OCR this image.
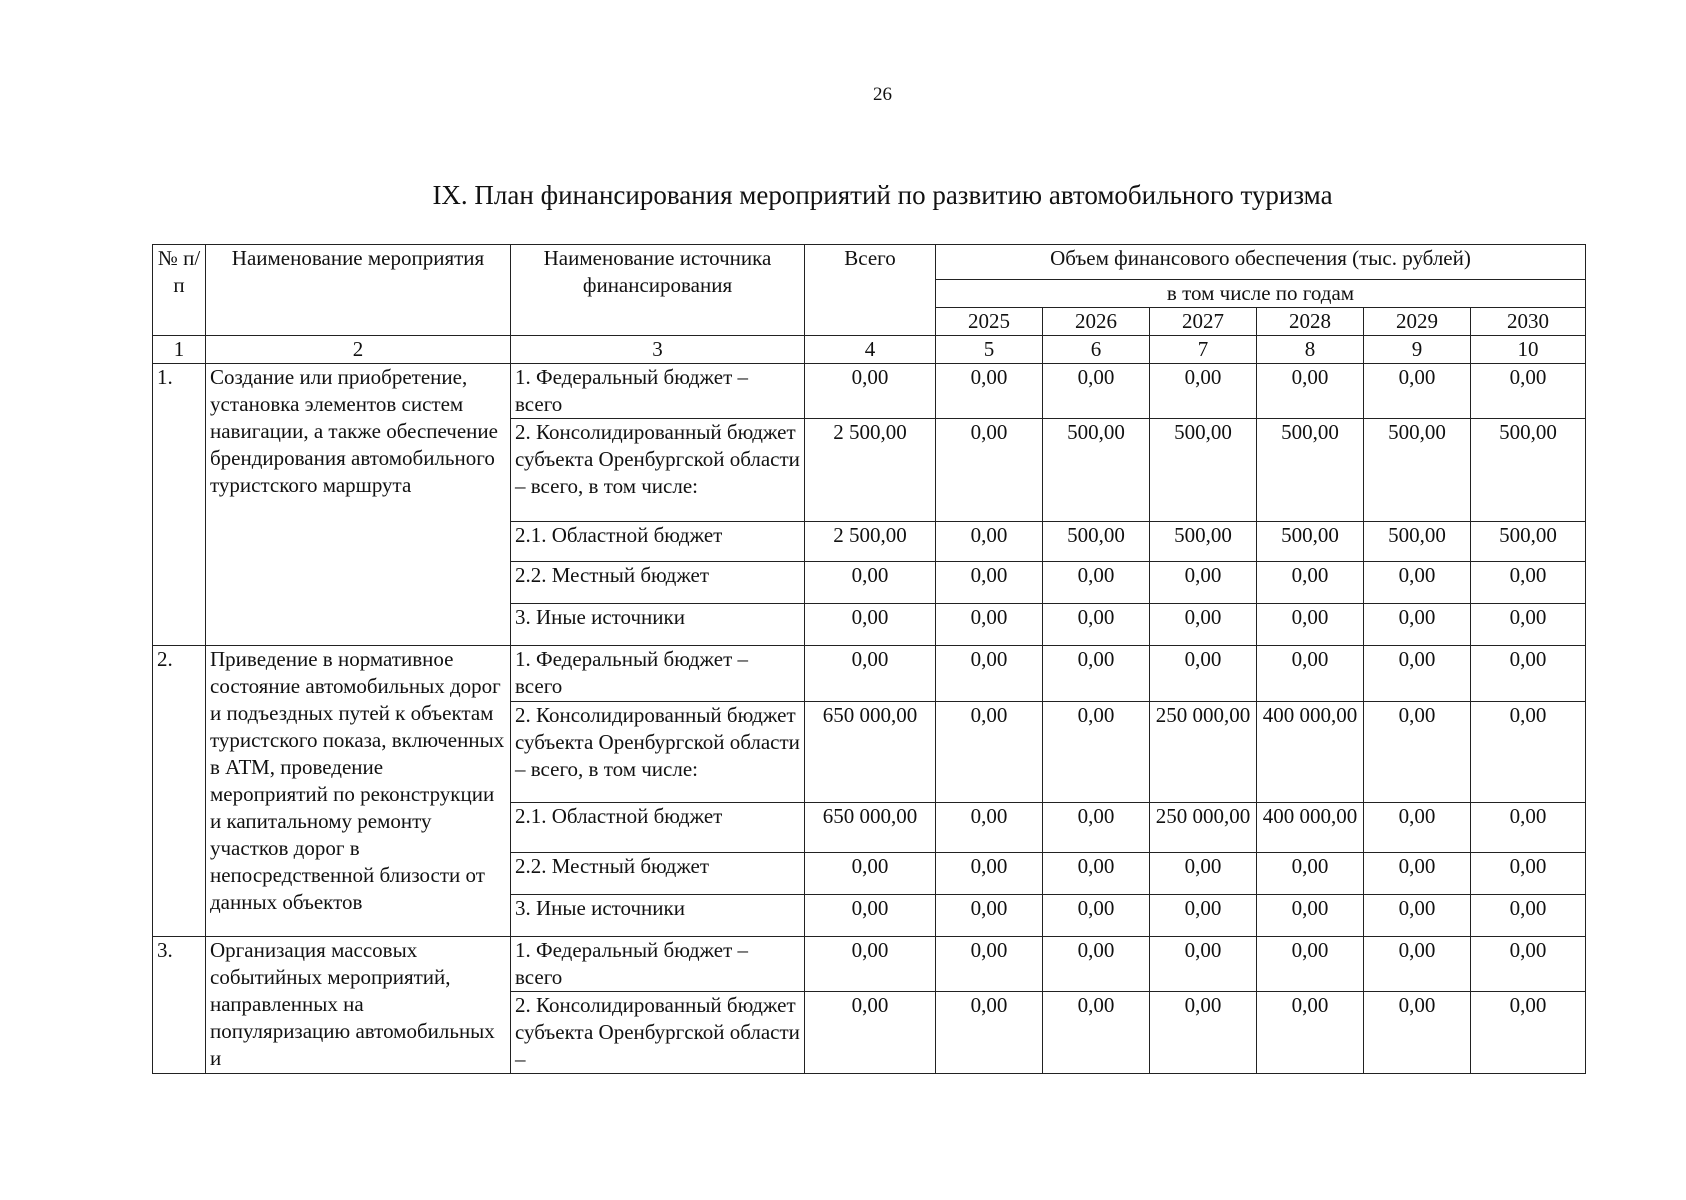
26
IX. План финансирования мероприятий по развитию автомобильного туризма
№ п/п	Наименование мероприятия	Наименование источника финансирования	Всего	Объем финансового обеспечения (тыс. рублей)					
				в том числе по годам					
				2025	2026	2027	2028	2029	2030
1	2	3	4	5	6	7	8	9	10
1.	Создание или приобретение, установка элементов систем навигации, а также обеспечение брендирования автомобильного туристского маршрута	1. Федеральный бюджет – всего	0,00	0,00	0,00	0,00	0,00	0,00	0,00
		2. Консолидированный бюджет субъекта Оренбургской области – всего, в том числе:	2 500,00	0,00	500,00	500,00	500,00	500,00	500,00
		2.1. Областной бюджет	2 500,00	0,00	500,00	500,00	500,00	500,00	500,00
		2.2. Местный бюджет	0,00	0,00	0,00	0,00	0,00	0,00	0,00
		3. Иные источники	0,00	0,00	0,00	0,00	0,00	0,00	0,00
2.	Приведение в нормативное состояние автомобильных дорог и подъездных путей к объектам туристского показа, включенных в АТМ, проведение мероприятий по реконструкции и капитальному ремонту участков дорог в непосредственной близости от данных объектов	1. Федеральный бюджет – всего	0,00	0,00	0,00	0,00	0,00	0,00	0,00
		2. Консолидированный бюджет субъекта Оренбургской области – всего, в том числе:	650 000,00	0,00	0,00	250 000,00	400 000,00	0,00	0,00
		2.1. Областной бюджет	650 000,00	0,00	0,00	250 000,00	400 000,00	0,00	0,00
		2.2. Местный бюджет	0,00	0,00	0,00	0,00	0,00	0,00	0,00
		3. Иные источники	0,00	0,00	0,00	0,00	0,00	0,00	0,00
3.	Организация массовых событийных мероприятий, направленных на популяризацию автомобильных и	1. Федеральный бюджет – всего	0,00	0,00	0,00	0,00	0,00	0,00	0,00
		2. Консолидированный бюджет субъекта Оренбургской области –	0,00	0,00	0,00	0,00	0,00	0,00	0,00
